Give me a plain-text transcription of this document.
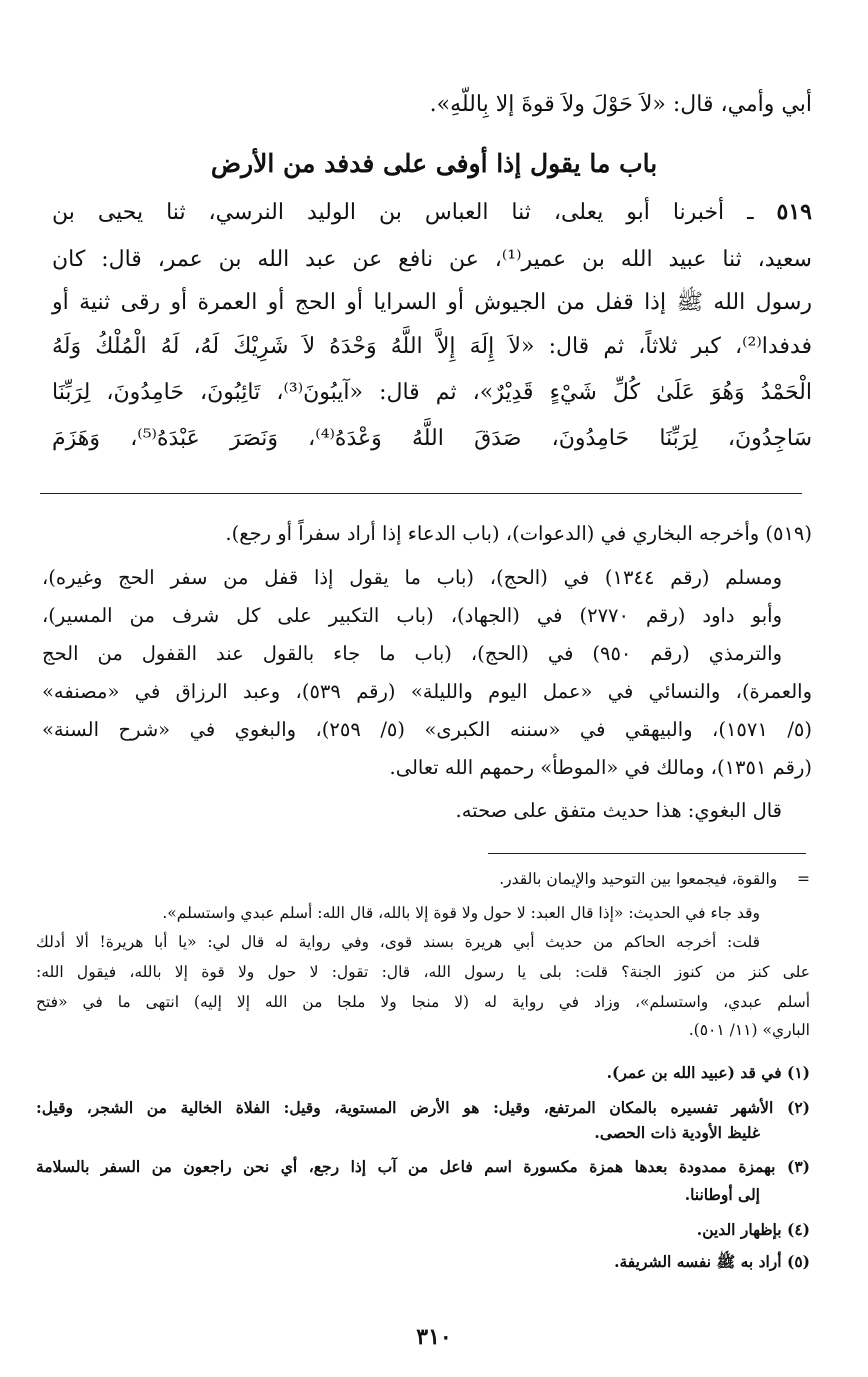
أبي وأمي، قال: «لاَ حَوْلَ ولاَ قوةَ إلا بِاللّهِ».
باب ما يقول إذا أوفى على فدفد من الأرض
٥١٩ ـ أخبرنا أبو يعلى، ثنا العباس بن الوليد النرسي، ثنا يحيى بن
سعيد، ثنا عبيد الله بن عمير⁽¹⁾، عن نافع عن عبد الله بن عمر، قال: كان
رسول الله ﷺ إذا قفل من الجيوش أو السرايا أو الحج أو العمرة أو رقى ثنية أو
فدفدا⁽²⁾، كبر ثلاثاً، ثم قال: «لاَ إِلَهَ إِلاَّ اللَّهُ وَحْدَهُ لاَ شَرِيْكَ لَهُ، لَهُ الْمُلْكُ وَلَهُ
الْحَمْدُ وَهُوَ عَلَىٰ كُلِّ شَيْءٍ قَدِيْرٌ»، ثم قال: «آيبُونَ⁽³⁾، تَائِبُونَ، حَامِدُونَ، لِرَبِّنَا
سَاجِدُونَ، لِرَبِّنَا حَامِدُونَ، صَدَقَ اللَّهُ وَعْدَهُ⁽⁴⁾، وَنَصَرَ عَبْدَهُ⁽⁵⁾، وَهَزَمَ
(٥١٩) وأخرجه البخاري في (الدعوات)، (باب الدعاء إذا أراد سفراً أو رجع).
ومسلم (رقم ١٣٤٤) في (الحج)، (باب ما يقول إذا قفل من سفر الحج وغيره)،
وأبو داود (رقم ٢٧٧٠) في (الجهاد)، (باب التكبير على كل شرف من المسير)،
والترمذي (رقم ٩٥٠) في (الحج)، (باب ما جاء بالقول عند القفول من الحج
والعمرة)، والنسائي في «عمل اليوم والليلة» (رقم ٥٣٩)، وعبد الرزاق في «مصنفه»
(٥/ ١٥٧١)، والبيهقي في «سننه الكبرى» (٥/ ٢٥٩)، والبغوي في «شرح السنة»
(رقم ١٣٥١)، ومالك في «الموطأ» رحمهم الله تعالى.
قال البغوي: هذا حديث متفق على صحته.
=    والقوة، فيجمعوا بين التوحيد والإيمان بالقدر.
وقد جاء في الحديث: «إذا قال العبد: لا حول ولا قوة إلا بالله، قال الله: أسلم عبدي واستسلم».
قلت: أخرجه الحاكم من حديث أبي هريرة بسند قوى، وفي رواية له قال لي: «يا أبا هريرة! ألا أدلك
على كنز من كنوز الجنة؟ قلت: بلى يا رسول الله، قال: تقول: لا حول ولا قوة إلا بالله، فيقول الله:
أسلم عبدي، واستسلم»، وزاد في رواية له (لا منجا ولا ملجا من الله إلا إليه) انتهى ما في «فتح
الباري» (١١/ ٥٠١).
(١) في قد (عبيد الله بن عمر).
(٢) الأشهر تفسيره بالمكان المرتفع، وقيل: هو الأرض المستوية، وقيل: الفلاة الخالية من الشجر، وقيل:
غليظ الأودية ذات الحصى.
(٣) بهمزة ممدودة بعدها همزة مكسورة اسم فاعل من آب إذا رجع، أي نحن راجعون من السفر بالسلامة
إلى أوطاننا.
(٤) بإظهار الدين.
(٥) أراد به ﷺ نفسه الشريفة.
٣١٠
